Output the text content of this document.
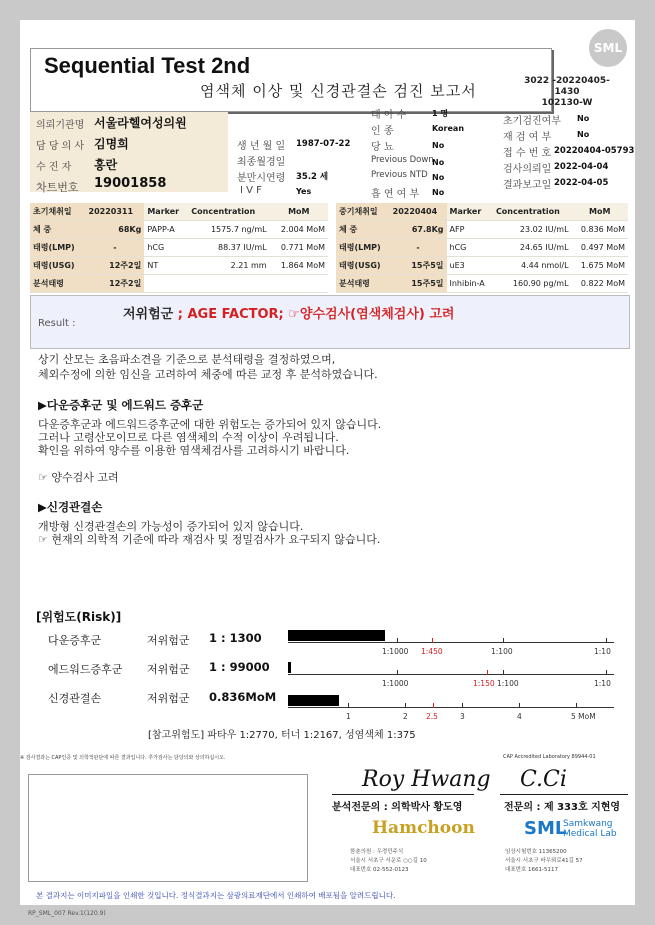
SML
Sequential Test 2nd
염색체 이상 및 신경관결손 검진 보고서
3022 -20220405-1430
102130-W
의뢰기관명 서울라헬여성의원
담 당 의 사 김명희
수 진 자 홍란
차트번호 19001858
생 년 월 일 1987-07-22
최종월경일
분만시연령 35.2 세
I V F	Yes
태 아 수	1 명
인 종	Korean
당 뇨	No
Previous Down
No
Previous NTD No
흡 연 여 부 No
초기검진여부 No
재 검 여 부	No
접 수 번 호 20220404-05793
검사의뢰일 2022-04-04
결과보고일 2022-04-05
초기채취일	20220311	Marker	Concentration	MoM
체 중	68Kg	PAPP-A	1575.7 ng/mL	2.004 MoM
태령(LMP)	-	hCG	88.37 IU/mL	0.771 MoM
태령(USG)	12주2일	NT	2.21 mm	1.864 MoM
분석태령	12주2일			
중기채취일	20220404	Marker	Concentration	MoM
체 중	67.8Kg	AFP	23.02 IU/mL	0.836 MoM
태령(LMP)	-	hCG	24.65 IU/mL	0.497 MoM
태령(USG)	15주5일	uE3	4.44 nmol/L	1.675 MoM
분석태령	15주5일	Inhibin-A	160.90 pg/mL	0.822 MoM
Result :
저위험군 ; AGE FACTOR; ☞양수검사(염색체검사) 고려
상기 산모는 초음파소견을 기준으로 분석태령을 결정하였으며,
체외수정에 의한 임신을 고려하여 체중에 따른 교정 후 분석하였습니다.
▶다운증후군 및 에드워드 증후군
다운증후군과 에드워드증후군에 대한 위험도는 증가되어 있지 않습니다.
그러나 고령산모이므로 다른 염색체의 수적 이상이 우려됩니다.
확인을 위하여 양수를 이용한 염색체검사를 고려하시기 바랍니다.
☞ 양수검사 고려
▶신경관결손
개방형 신경관결손의 가능성이 증가되어 있지 않습니다.
☞ 현재의 의학적 기준에 따라 재검사 및 정밀검사가 요구되지 않습니다.
[위험도(Risk)]
다운증후군	저위험군 1 : 1300
에드워드증후군 저위험군 1 : 99000
신경관결손	저위험군 0.836MoM
1:1000 1:450	1:100	1:10
1:1000	1:150 1:100	1:10
1	2 2.5	3	4	5 MoM
[참고위험도] 파타우 1:2770, 터너 1:2167, 성염색체 1:375
※ 검사결과는 CAP인증 및 의학적판단에 따른 결과입니다. 추가검사는 담당의와 상의하십시오.	CAP Accredited Laboratory 89944-01
Roy Hwang C.Ci
분석전문의 : 의학박사 황도영	전문의 : 제 333호 지현영
Hamchoon	SML
Samkwang
Medical Lab
함춘의원 : 우경민주식
서울시 서초구 서운로 ○○길 10
대표번호 02-552-0123
임상시험번호 11365200
서울시 서초구 바우뫼로41길 57
대표번호 1661-5117
본 결과지는 이미지파일을 인쇄한 것입니다. 정식결과지는 삼광의료재단에서 인쇄하여 배포됨을 알려드립니다.
RP_SML_007 Rev.1(120.9)
